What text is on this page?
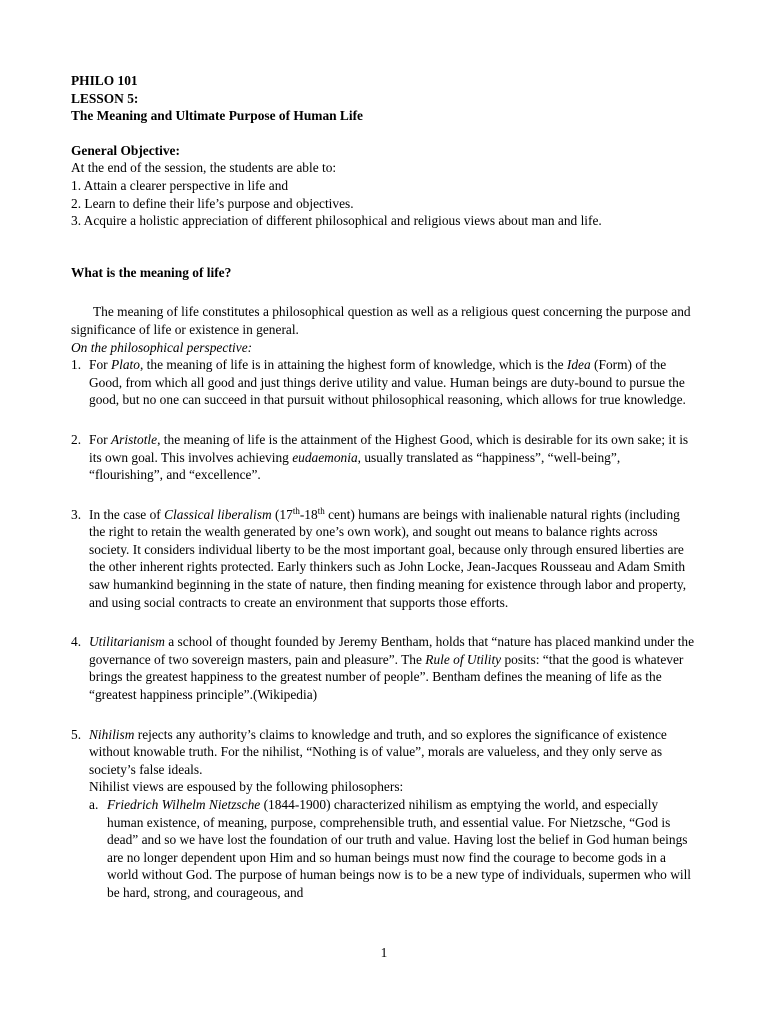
PHILO 101

LESSON 5:

The Meaning and Ultimate Purpose of Human Life

General Objective:

At the end of the session, the students are able to:

1. Attain a clearer perspective in life and

2. Learn to define their life’s purpose and objectives.

3. Acquire a holistic appreciation of different philosophical and religious views about man and life.

What is the meaning of life?

The meaning of life constitutes a philosophical question as well as a religious quest concerning the purpose and significance of life or existence in general.

On the philosophical perspective:

1. For Plato, the meaning of life is in attaining the highest form of knowledge, which is the Idea (Form) of the Good, from which all good and just things derive utility and value. Human beings are duty-bound to pursue the good, but no one can succeed in that pursuit without philosophical reasoning, which allows for true knowledge.
2. For Aristotle, the meaning of life is the attainment of the Highest Good, which is desirable for its own sake; it is its own goal. This involves achieving eudaemonia, usually translated as “happiness”, “well-being”, “flourishing”, and “excellence”.
3. In the case of Classical liberalism (17th-18th cent) humans are beings with inalienable natural rights (including the right to retain the wealth generated by one’s own work), and sought out means to balance rights across society. It considers individual liberty to be the most important goal, because only through ensured liberties are the other inherent rights protected. Early thinkers such as John Locke, Jean-Jacques Rousseau and Adam Smith saw humankind beginning in the state of nature, then finding meaning for existence through labor and property, and using social contracts to create an environment that supports those efforts.
4. Utilitarianism a school of thought founded by Jeremy Bentham, holds that “nature has placed mankind under the governance of two sovereign masters, pain and pleasure”. The Rule of Utility posits: “that the good is whatever brings the greatest happiness to the greatest number of people”. Bentham defines the meaning of life as the “greatest happiness principle”.(Wikipedia)
5. Nihilism rejects any authority’s claims to knowledge and truth, and so explores the significance of existence without knowable truth. For the nihilist, “Nothing is of value”, morals are valueless, and they only serve as society’s false ideals.

Nihilist views are espoused by the following philosophers:

a. Friedrich Wilhelm Nietzsche (1844-1900) characterized nihilism as emptying the world, and especially human existence, of meaning, purpose, comprehensible truth, and essential value. For Nietzsche, “God is dead” and so we have lost the foundation of our truth and value. Having lost the belief in God human beings are no longer dependent upon Him and so human beings must now find the courage to become gods in a world without God. The purpose of human beings now is to be a new type of individuals, supermen who will be hard, strong, and courageous, and
1
